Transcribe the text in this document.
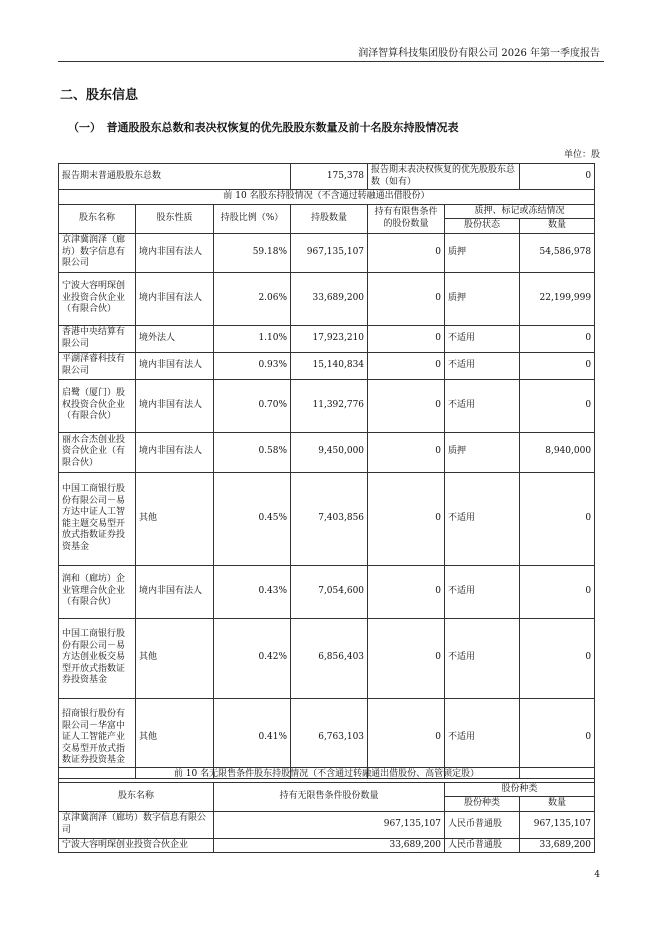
润泽智算科技集团股份有限公司 2026 年第一季度报告
二、股东信息
（一）　普通股股东总数和表决权恢复的优先股股东数量及前十名股东持股情况表
单位：股
报告期末普通股股东总数			175,378	报告期末表决权恢复的优先股股东总数（如有）		0
前 10 名股东持股情况（不含通过转融通出借股份）						
股东名称	股东性质	持股比例（%）	持股数量	持有有限售条件的股份数量	质押、标记或冻结情况	
					股份状态	数量
京津冀润泽（廊坊）数字信息有限公司	境内非国有法人	59.18%	967,135,107	0	质押	54,586,978
宁波大容明琛创业投资合伙企业（有限合伙）	境内非国有法人	2.06%	33,689,200	0	质押	22,199,999
香港中央结算有限公司	境外法人	1.10%	17,923,210	0	不适用	0
平湖泽睿科技有限公司	境内非国有法人	0.93%	15,140,834	0	不适用	0
启鹭（厦门）股权投资合伙企业（有限合伙）	境内非国有法人	0.70%	11,392,776	0	不适用	0
丽水合杰创业投资合伙企业（有限合伙）	境内非国有法人	0.58%	9,450,000	0	质押	8,940,000
中国工商银行股份有限公司－易方达中证人工智能主题交易型开放式指数证券投资基金	其他	0.45%	7,403,856	0	不适用	0
润和（廊坊）企业管理合伙企业（有限合伙）	境内非国有法人	0.43%	7,054,600	0	不适用	0
中国工商银行股份有限公司－易方达创业板交易型开放式指数证券投资基金	其他	0.42%	6,856,403	0	不适用	0
招商银行股份有限公司－华富中证人工智能产业交易型开放式指数证券投资基金	其他	0.41%	6,763,103	0	不适用	0
前 10 名无限售条件股东持股情况（不含通过转融通出借股份、高管锁定股）			
股东名称	持有无限售条件股份数量	股份种类	
		股份种类	数量
京津冀润泽（廊坊）数字信息有限公司	967,135,107	人民币普通股	967,135,107
宁波大容明琛创业投资合伙企业	33,689,200	人民币普通股	33,689,200
4
